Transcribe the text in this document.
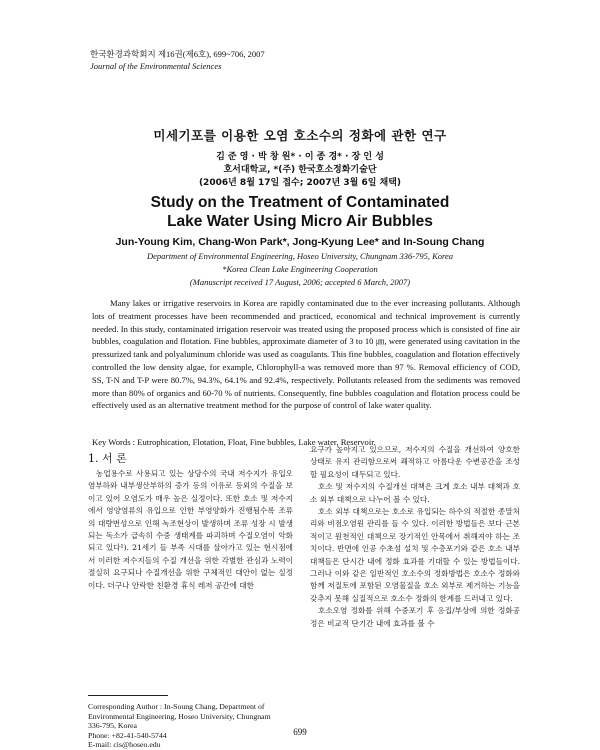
한국환경과학회지 제16권(제6호), 699~706, 2007
Journal of the Environmental Sciences
미세기포를 이용한 오염 호소수의 정화에 관한 연구
김 준 영 · 박 창 원* · 이 종 경* · 장 인 성
호서대학교, *(주) 한국호소정화기술단
(2006년 8월 17일 접수; 2007년 3월 6일 채택)
Study on the Treatment of Contaminated
Lake Water Using Micro Air Bubbles
Jun-Young Kim, Chang-Won Park*, Jong-Kyung Lee* and In-Soung Chang
Department of Environmental Engineering, Hoseo University, Chungnam 336-795, Korea
*Korea Clean Lake Engineering Cooperation
(Manuscript received 17 August, 2006; accepted 6 March, 2007)

Many lakes or irrigative reservoirs in Korea are rapidly contaminated due to the ever increasing pollutants. Although lots of treatment processes have been recommended and practiced, economical and technical improvement is currently needed. In this study, contaminated irrigation reservoir was treated using the proposed process which is consisted of fine air bubbles, coagulation and flotation. Fine bubbles, approximate diameter of 3 to 10 ㎛, were generated using cavitation in the pressurized tank and polyaluminum chloride was used as coagulants. This fine bubbles, coagulation and flotation effectively controlled the low density algae, for example, Chlorophyll-a was removed more than 97 %. Removal efficiency of COD, SS, T-N and T-P were 80.7%, 94.3%, 64.1% and 92.4%, respectively. Pollutants released from the sediments was removed more than 80% of organics and 60-70 % of nutrients. Consequently, fine bubbles coagulation and flotation process could be effectively used as an alternative treatment method for the purpose of control of lake water quality.

Key Words : Eutrophication, Flotation, Float, Fine bubbles, Lake water, Reservoir.
1. 서 론

농업용수로 사용되고 있는 상당수의 국내 저수지가 유입오염부하와 내부생산부하의 증가 등의 이유로 등외의 수질을 보이고 있어 오염도가 매우 높은 실정이다. 또한 호소 및 저수지에서 영양염류의 유입으로 인한 부영양화가 진행됨수록 조류의 대량번성으로 인해 녹조현상이 발생하며 조류 성장 시 발생되는 독소가 급속히 수중 생태계를 파괴하며 수질오염이 악화되고 있다¹). 21세기 들 부족 시대를 살아가고 있는 현시점에서 이러한 저수지들의 수질 개선을 위한 각별한 관심과 노력이 절실히 요구되나 수질개선을 위한 구체적인 대안이 없는 실정이다. 더구나 안락한 친환경 휴식 레저 공간에 대한

요구가 높아지고 있으므로, 저수지의 수질을 개선하여 양호한 상태로 유지 관리함으로써 쾌적하고 아름다운 수변공간을 조성할 필요성이 대두되고 있다.

호소 및 저수지의 수질개선 대책은 크게 호소 내부 대책과 호소 외부 대책으로 나누어 볼 수 있다.

호소 외부 대책으로는 호소로 유입되는 하수의 적절한 종말처리와 비점오염원 관리를 들 수 있다. 이러한 방법들은 보다 근본적이고 원천적인 대책으로 장기적인 안목에서 취해져야 하는 조치이다. 반면에 인공 수초섬 설치 및 수층포기와 같은 호소 내부 대책들은 단시간 내에 정화 효과를 기대할 수 있는 방법들이다. 그러나 이와 같은 일반적인 호소수의 정화방법은 호소수 정화와 함께 저질토에 포함된 오염물질을 호소 외부로 제거하는 기능을 갖추지 못해 실질적으로 호소수 정화의 한계를 드러내고 있다.

호소오염 정화를 위해 수중포기 후 응집/부상에 의한 정화공정은 비교적 단기간 내에 효과를 볼 수

Corresponding Author : In-Soung Chang, Department of
Environmental Engineering, Hoseo University, Chungnam
336-795, Korea
Phone: +82-41-540-5744
E-mail: cis@hoseo.edu
699
